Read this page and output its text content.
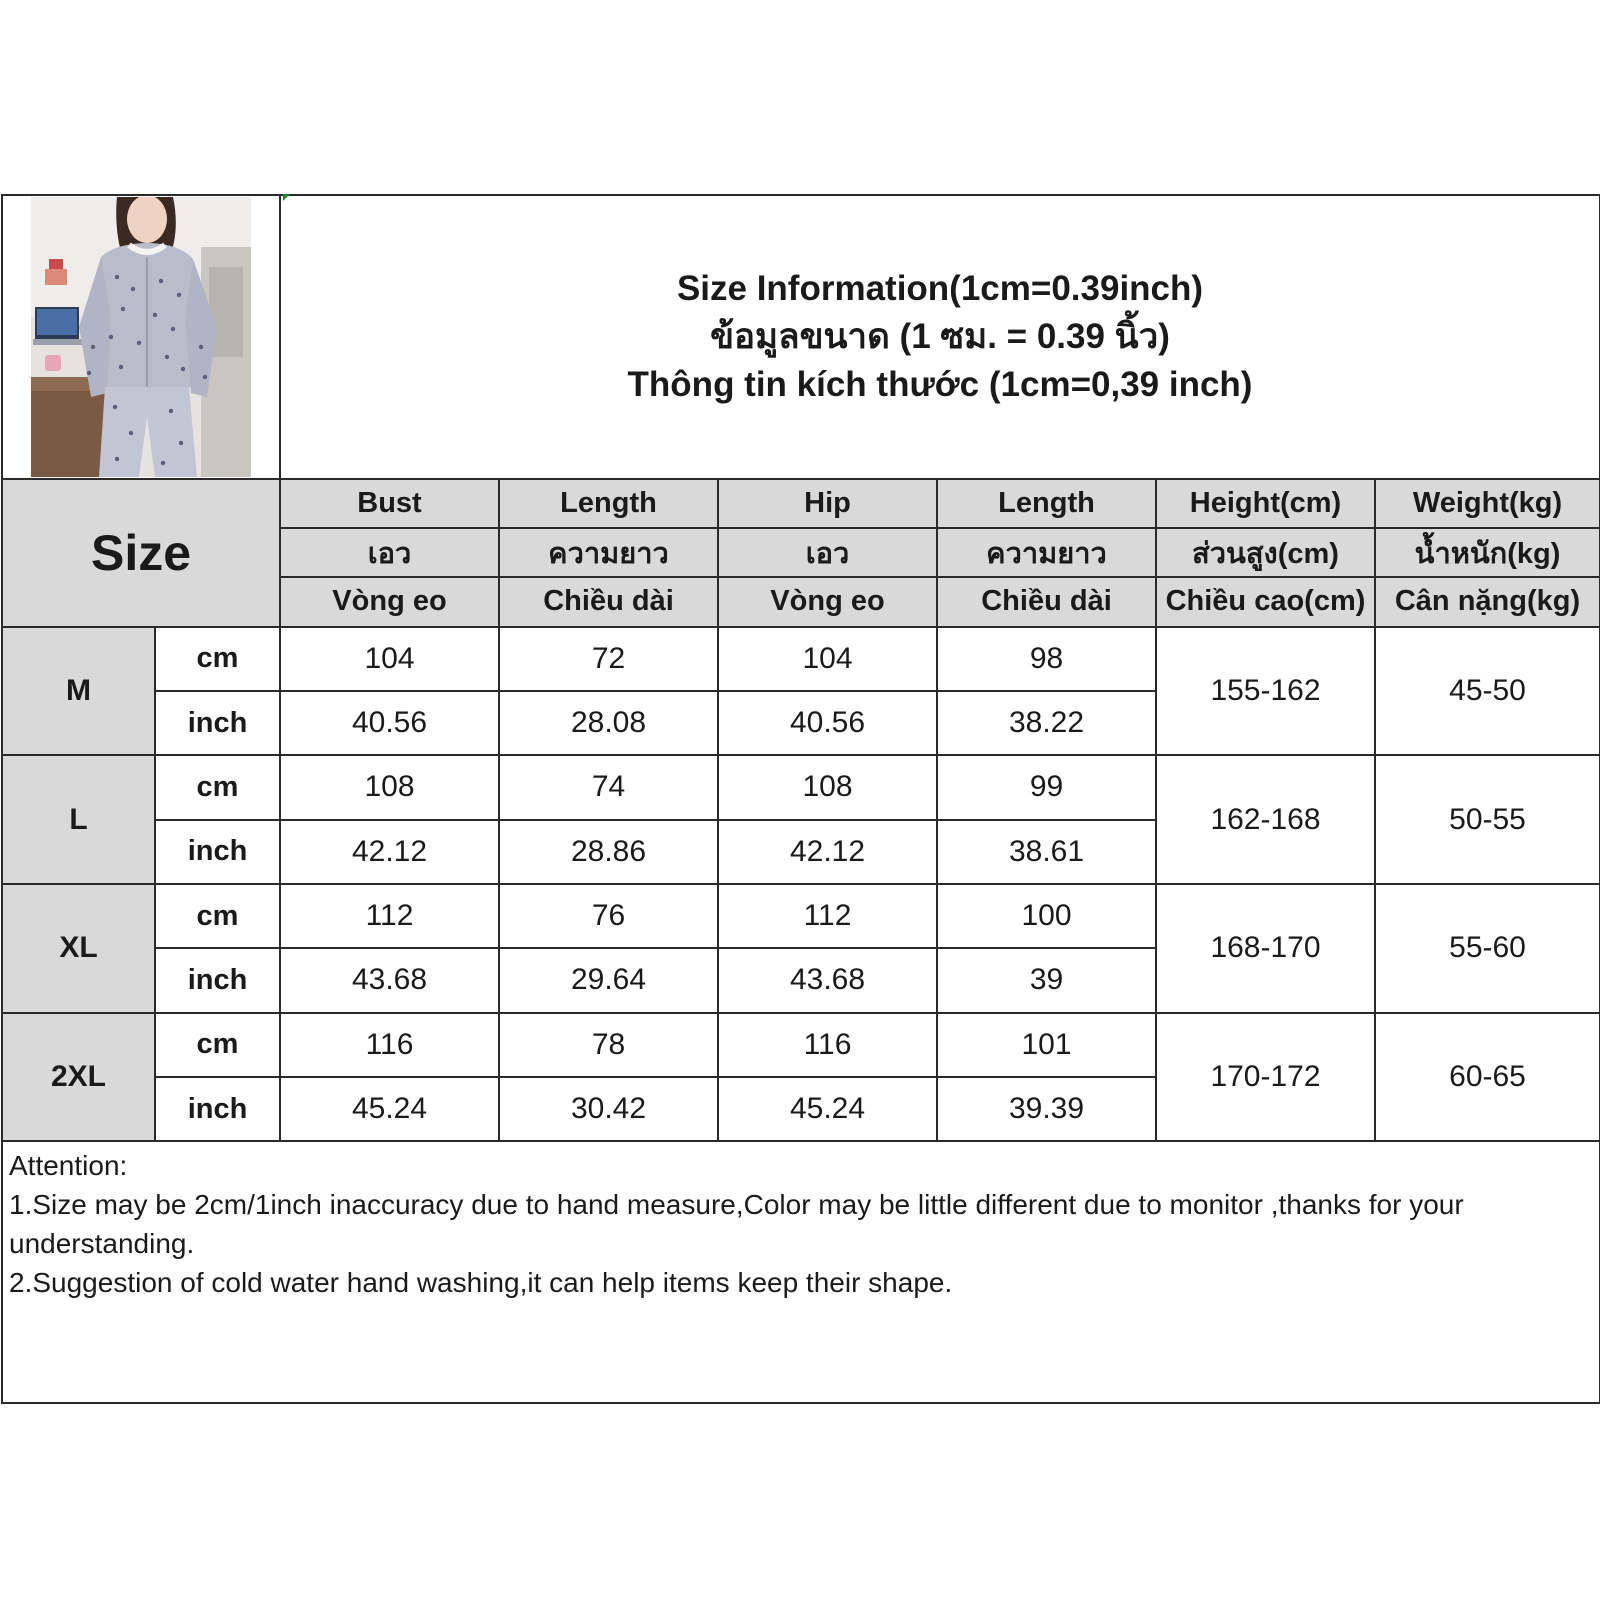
Size Information(1cm=0.39inch)
ข้อมูลขนาด (1 ซม. = 0.39 นิ้ว)
Thông tin kích thước (1cm=0,39 inch)					

Size		Bust	Length	Hip	Length	Height(cm)	Weight(kg)
		เอว	ความยาว	เอว	ความยาว	ส่วนสูง(cm)	น้ำหนัก(kg)
		Vòng eo	Chiều dài	Vòng eo	Chiều dài	Chiều cao(cm)	Cân nặng(kg)
M	cm	104	72	104	98	155-162	45-50
	inch	40.56	28.08	40.56	38.22		
L	cm	108	74	108	99	162-168	50-55
	inch	42.12	28.86	42.12	38.61		
XL	cm	112	76	112	100	168-170	55-60
	inch	43.68	29.64	43.68	39		
2XL	cm	116	78	116	101	170-172	60-65
	inch	45.24	30.42	45.24	39.39		

Attention:
1.Size may be 2cm/1inch inaccuracy due to hand measure,Color may be little different due to monitor ,thanks for your understanding.
2.Suggestion of cold water hand washing,it can help items keep their shape.							
